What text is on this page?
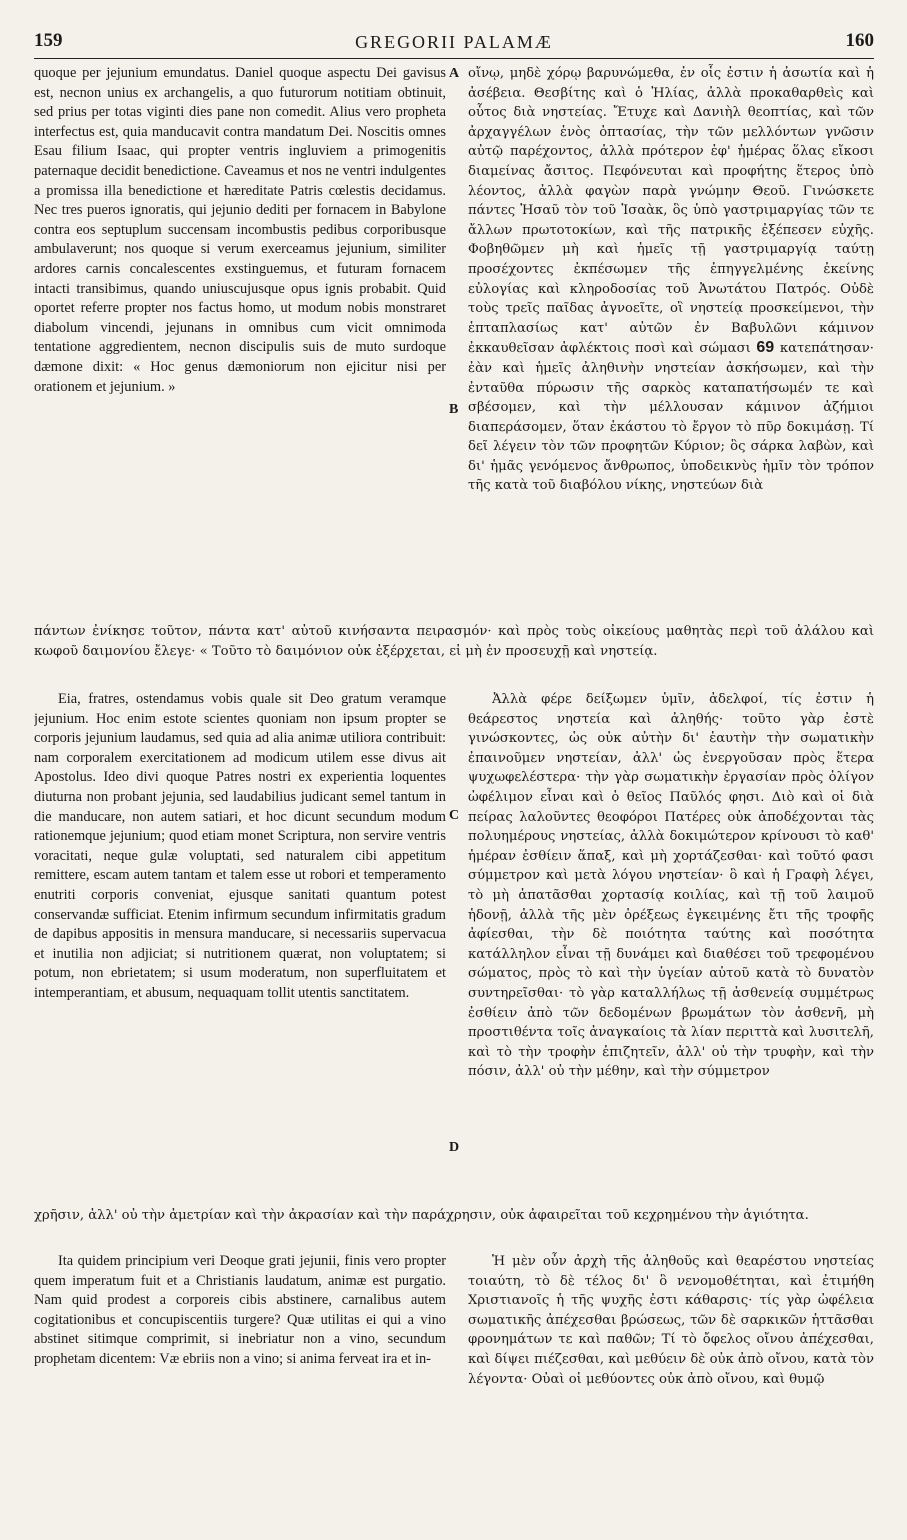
159	GREGORII PALAMÆ	160

quoque per jejunium emundatus. Daniel quoque aspectu Dei gavisus est, necnon unius ex archangelis, a quo futurorum notitiam obtinuit, sed prius per totas viginti dies pane non comedit. Alius vero propheta interfectus est, quia manducavit contra mandatum Dei. Noscitis omnes Esau filium Isaac, qui propter ventris ingluviem a primogenitis paternaque decidit benedictione. Caveamus et nos ne ventri indulgentes a promissa illa benedictione et hæreditate Patris cœlestis decidamus. Nec tres pueros ignoratis, qui jejunio dediti per fornacem in Babylone contra eos septuplum succensam incombustis pedibus corporibusque ambulaverunt; nos quoque si verum exerceamus jejunium, similiter ardores carnis concalescentes exstinguemus, et futuram fornacem intacti transibimus, quando uniuscujusque opus ignis probabit. Quid oportet referre propter nos factus homo, ut modum nobis monstraret diabolum vincendi, jejunans in omnibus cum vicit omnimoda tentatione aggredientem, necnon discipulis suis de muto surdoque dæmone dixit: « Hoc genus dæmoniorum non ejicitur nisi per orationem et jejunium. »

A
B

οἴνῳ, μηδὲ χόρῳ βαρυνώμεθα, ἐν οἷς ἐστιν ἡ ἀσωτία καὶ ἡ ἀσέβεια. Θεσβίτης καὶ ὁ Ἠλίας, ἀλλὰ προκαθαρθεὶς καὶ οὗτος διὰ νηστείας. Ἔτυχε καὶ Δανιὴλ θεοπτίας, καὶ τῶν ἀρχαγγέλων ἑνὸς ὀπτασίας, τὴν τῶν μελλόντων γνῶσιν αὐτῷ παρέχοντος, ἀλλὰ πρότερον ἐφ' ἡμέρας ὅλας εἴκοσι διαμείνας ἄσιτος. Πεφόνευται καὶ προφήτης ἕτερος ὑπὸ λέοντος, ἀλλὰ φαγὼν παρὰ γνώμην Θεοῦ. Γινώσκετε πάντες Ἠσαῦ τὸν τοῦ Ἰσαὰκ, ὃς ὑπὸ γαστριμαργίας τῶν τε ἄλλων πρωτοτοκίων, καὶ τῆς πατρικῆς ἐξέπεσεν εὐχῆς. Φοβηθῶμεν μὴ καὶ ἡμεῖς τῇ γαστριμαργίᾳ ταύτῃ προσέχοντες ἐκπέσωμεν τῆς ἐπηγγελμένης ἐκείνης εὐλογίας καὶ κληροδοσίας τοῦ Ἀνωτάτου Πατρός. Οὐδὲ τοὺς τρεῖς παῖδας ἀγνοεῖτε, οἳ νηστείᾳ προσκείμενοι, τὴν ἑπταπλασίως κατ' αὐτῶν ἐν Βαβυλῶνι κάμινον ἐκκαυθεῖσαν ἀφλέκτοις ποσὶ καὶ σώμασι 69 κατεπάτησαν· ἐὰν καὶ ἡμεῖς ἀληθινὴν νηστείαν ἀσκήσωμεν, καὶ τὴν ἐνταῦθα πύρωσιν τῆς σαρκὸς καταπατήσωμέν τε καὶ σβέσομεν, καὶ τὴν μέλλουσαν κάμινον ἀζήμιοι διαπεράσομεν, ὅταν ἑκάστου τὸ ἔργον τὸ πῦρ δοκιμάσῃ. Τί δεῖ λέγειν τὸν τῶν προφητῶν Κύριον; ὃς σάρκα λαβὼν, καὶ δι' ἡμᾶς γενόμενος ἄνθρωπος, ὑποδεικνὺς ἡμῖν τὸν τρόπον τῆς κατὰ τοῦ διαβόλου νίκης, νηστεύων διὰ

πάντων ἐνίκησε τοῦτον, πάντα κατ' αὐτοῦ κινήσαντα πειρασμόν· καὶ πρὸς τοὺς οἰκείους μαθητὰς περὶ τοῦ ἀλάλου καὶ κωφοῦ δαιμονίου ἔλεγε· « Τοῦτο τὸ δαιμόνιον οὐκ ἐξέρχεται, εἰ μὴ ἐν προσευχῇ καὶ νηστείᾳ.

Eia, fratres, ostendamus vobis quale sit Deo gratum veramque jejunium. Hoc enim estote scientes quoniam non ipsum propter se corporis jejunium laudamus, sed quia ad alia animæ utiliora contribuit: nam corporalem exercitationem ad modicum utilem esse divus ait Apostolus. Ideo divi quoque Patres nostri ex experientia loquentes diuturna non probant jejunia, sed laudabilius judicant semel tantum in die manducare, non autem satiari, et hoc dicunt secundum modum rationemque jejunium; quod etiam monet Scriptura, non servire ventris voracitati, neque gulæ voluptati, sed naturalem cibi appetitum remittere, escam autem tantam et talem esse ut robori et temperamento enutriti corporis conveniat, ejusque sanitati quantum potest conservandæ sufficiat. Etenim infirmum secundum infirmitatis gradum de dapibus appositis in mensura manducare, si necessariis supervacua et inutilia non adjiciat; si nutritionem quærat, non voluptatem; si potum, non ebrietatem; si usum moderatum, non superfluitatem et intemperantiam, et abusum, nequaquam tollit utentis sanctitatem.

C
D

Ἀλλὰ φέρε δείξωμεν ὑμῖν, ἀδελφοί, τίς ἐστιν ἡ θεάρεστος νηστεία καὶ ἀληθής· τοῦτο γὰρ ἐστὲ γινώσκοντες, ὡς οὐκ αὐτὴν δι' ἑαυτὴν τὴν σωματικὴν ἐπαινοῦμεν νηστείαν, ἀλλ' ὡς ἐνεργοῦσαν πρὸς ἕτερα ψυχωφελέστερα· τὴν γὰρ σωματικὴν ἐργασίαν πρὸς ὀλίγον ὠφέλιμον εἶναι καὶ ὁ θεῖος Παῦλός φησι. Διὸ καὶ οἱ διὰ πείρας λαλοῦντες θεοφόροι Πατέρες οὐκ ἀποδέχονται τὰς πολυημέρους νηστείας, ἀλλὰ δοκιμώτερον κρίνουσι τὸ καθ' ἡμέραν ἐσθίειν ἅπαξ, καὶ μὴ χορτάζεσθαι· καὶ τοῦτό φασι σύμμετρον καὶ μετὰ λόγου νηστείαν· ὃ καὶ ἡ Γραφὴ λέγει, τὸ μὴ ἀπατᾶσθαι χορτασίᾳ κοιλίας, καὶ τῇ τοῦ λαιμοῦ ἡδονῇ, ἀλλὰ τῆς μὲν ὀρέξεως ἐγκειμένης ἔτι τῆς τροφῆς ἀφίεσθαι, τὴν δὲ ποιότητα ταύτης καὶ ποσότητα κατάλληλον εἶναι τῇ δυνάμει καὶ διαθέσει τοῦ τρεφομένου σώματος, πρὸς τὸ καὶ τὴν ὑγείαν αὐτοῦ κατὰ τὸ δυνατὸν συντηρεῖσθαι· τὸ γὰρ καταλλήλως τῇ ἀσθενείᾳ συμμέτρως ἐσθίειν ἀπὸ τῶν δεδομένων βρωμάτων τὸν ἀσθενῆ, μὴ προστιθέντα τοῖς ἀναγκαίοις τὰ λίαν περιττὰ καὶ λυσιτελῆ, καὶ τὸ τὴν τροφὴν ἐπιζητεῖν, ἀλλ' οὐ τὴν τρυφὴν, καὶ τὴν πόσιν, ἀλλ' οὐ τὴν μέθην, καὶ τὴν σύμμετρον

χρῆσιν, ἀλλ' οὐ τὴν ἀμετρίαν καὶ τὴν ἀκρασίαν καὶ τὴν παράχρησιν, οὐκ ἀφαιρεῖται τοῦ κεχρημένου τὴν ἁγιότητα.

Ita quidem principium veri Deoque grati jejunii, finis vero propter quem imperatum fuit et a Christianis laudatum, animæ est purgatio. Nam quid prodest a corporeis cibis abstinere, carnalibus autem cogitationibus et concupiscentiis turgere? Quæ utilitas ei qui a vino abstinet sitimque comprimit, si inebriatur non a vino, secundum prophetam dicentem: Væ ebriis non a vino; si anima ferveat ira et in-

Ἡ μὲν οὖν ἀρχὴ τῆς ἀληθοῦς καὶ θεαρέστου νηστείας τοιαύτη, τὸ δὲ τέλος δι' ὃ νενομοθέτηται, καὶ ἐτιμήθη Χριστιανοῖς ἡ τῆς ψυχῆς ἐστι κάθαρσις· τίς γὰρ ὠφέλεια σωματικῆς ἀπέχεσθαι βρώσεως, τῶν δὲ σαρκικῶν ἡττᾶσθαι φρονημάτων τε καὶ παθῶν; Τί τὸ ὄφελος οἴνου ἀπέχεσθαι, καὶ δίψει πιέζεσθαι, καὶ μεθύειν δὲ οὐκ ἀπὸ οἴνου, κατὰ τὸν λέγοντα· Οὐαὶ οἱ μεθύοντες οὐκ ἀπὸ οἴνου, καὶ θυμῷ
